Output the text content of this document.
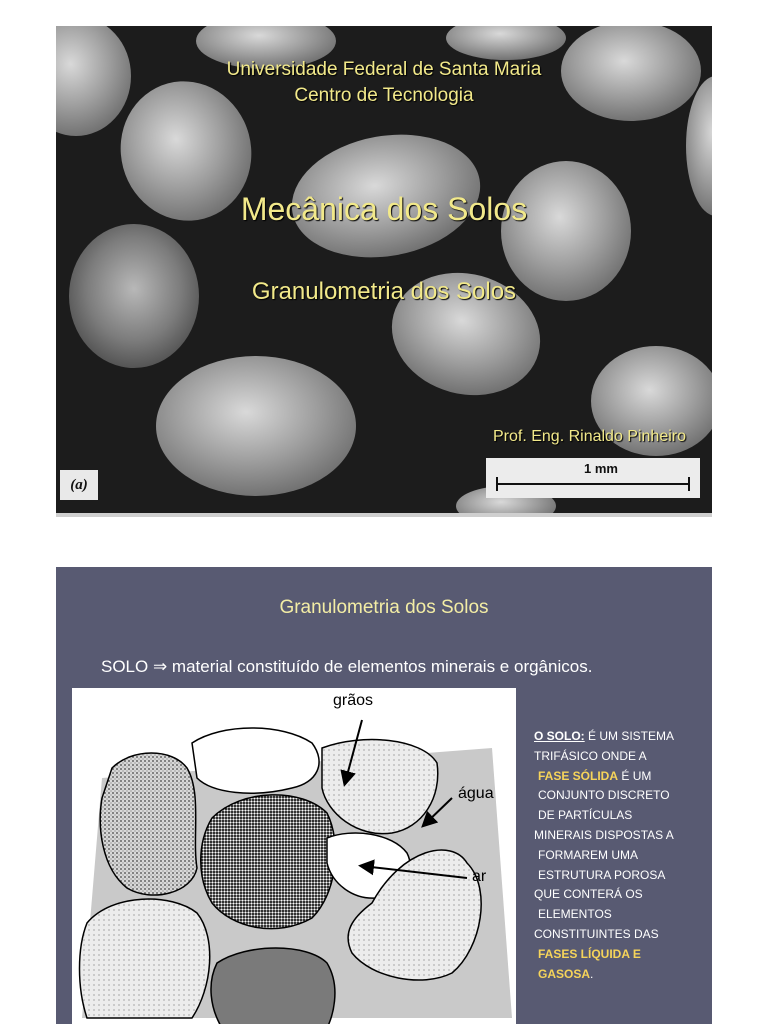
Universidade Federal de Santa Maria
Centro de Tecnologia
Mecânica dos Solos
Granulometria dos Solos
Prof. Eng. Rinaldo Pinheiro
(a)
1 mm
Granulometria dos Solos
SOLO ⇒ material constituído de elementos minerais e orgânicos.
grãos
água
ar
O SOLO: É UM SISTEMA
TRIFÁSICO ONDE A
FASE SÓLIDA É UM
CONJUNTO DISCRETO
DE PARTÍCULAS
MINERAIS DISPOSTAS A
FORMAREM UMA
ESTRUTURA POROSA
QUE CONTERÁ OS
ELEMENTOS
CONSTITUINTES DAS
FASES LÍQUIDA E
GASOSA.
